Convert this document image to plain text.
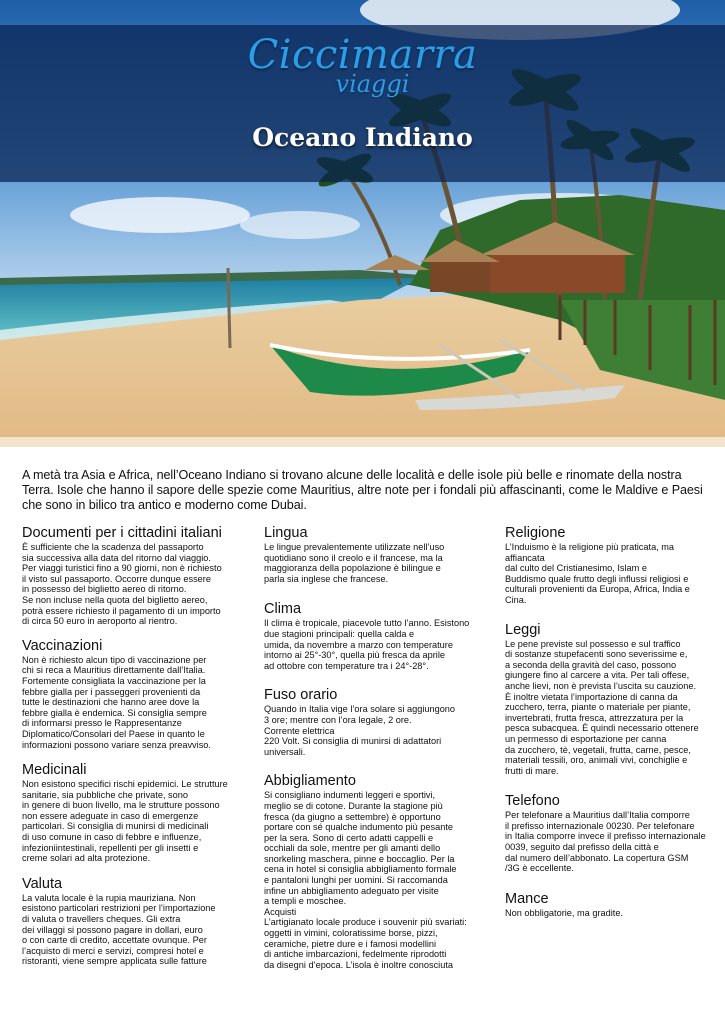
Ciccimarra
viaggi
Oceano Indiano
A metà tra Asia e Africa, nell’Oceano Indiano si trovano alcune delle località e delle isole più belle e rinomate della nostra Terra. Isole che hanno il sapore delle spezie come Mauritius, altre note per i fondali più affascinanti, come le Maldive e Paesi che sono in bilico tra antico e moderno come Dubai.
Documenti per i cittadini italiani

È sufficiente che la scadenza del passaporto
sia successiva alla data del ritorno dal viaggio.
Per viaggi turistici fino a 90 giorni, non è richiesto
il visto sul passaporto. Occorre dunque essere
in possesso del biglietto aereo di ritorno.
Se non incluse nella quota del biglietto aereo,
potrà essere richiesto il pagamento di un importo
di circa 50 euro in aeroporto al rientro.

Vaccinazioni

Non è richiesto alcun tipo di vaccinazione per
chi si reca a Mauritius direttamente dall’Italia.
Fortemente consigliata la vaccinazione per la
febbre gialla per i passeggeri provenienti da
tutte le destinazioni che hanno aree dove la
febbre gialla è endemica. Si consiglia sempre
di informarsi presso le Rappresentanze
Diplomatico/Consolari del Paese in quanto le
informazioni possono variare senza preavviso.

Medicinali

Non esistono specifici rischi epidemici. Le strutture
sanitarie, sia pubbliche che private, sono
in genere di buon livello, ma le strutture possono
non essere adeguate in caso di emergenze
particolari. Si consiglia di munirsi di medicinali
di uso comune in caso di febbre e influenze,
infezioniintestinali, repellenti per gli insetti e
creme solari ad alta protezione.

Valuta

La valuta locale è la rupia mauriziana. Non
esistono particolari restrizioni per l’importazione
di valuta o travellers cheques. Gli extra
dei villaggi si possono pagare in dollari, euro
o con carte di credito, accettate ovunque. Per
l’acquisto di merci e servizi, compresi hotel e
ristoranti, viene sempre applicata sulle fatture

Lingua

Le lingue prevalentemente utilizzate nell’uso
quotidiano sono il creolo e il francese, ma la
maggioranza della popolazione è bilingue e
parla sia inglese che francese.

Clima

Il clima è tropicale, piacevole tutto l’anno. Esistono
due stagioni principali: quella calda e
umida, da novembre a marzo con temperature
intorno ai 25°-30°, quella più fresca da aprile
ad ottobre con temperature tra i 24°-28°.

Fuso orario

Quando in Italia vige l’ora solare si aggiungono
3 ore; mentre con l’ora legale, 2 ore.
Corrente elettrica
220 Volt. Si consiglia di munirsi di adattatori
universali.

Abbigliamento

Si consigliano indumenti leggeri e sportivi,
meglio se di cotone. Durante la stagione più
fresca (da giugno a settembre) è opportuno
portare con sé qualche indumento più pesante
per la sera. Sono di certo adatti cappelli e
occhiali da sole, mentre per gli amanti dello
snorkeling maschera, pinne e boccaglio. Per la
cena in hotel si consiglia abbigliamento formale
e pantaloni lunghi per uomini. Si raccomanda
infine un abbigliamento adeguato per visite
a templi e moschee.
Acquisti
L’artigianato locale produce i souvenir più svariati:
oggetti in vimini, coloratissime borse, pizzi,
ceramiche, pietre dure e i famosi modellini
di antiche imbarcazioni, fedelmente riprodotti
da disegni d’epoca. L’isola è inoltre conosciuta

Religione

L’Induismo è la religione più praticata, ma affiancata
dal culto del Cristianesimo, Islam e
Buddismo quale frutto degli influssi religiosi e
culturali provenienti da Europa, Africa, India e
Cina.

Leggi

Le pene previste sul possesso e sul traffico
di sostanze stupefacenti sono severissime e,
a seconda della gravità del caso, possono
giungere fino al carcere a vita. Per tali offese,
anche lievi, non è prevista l’uscita su cauzione.
È inoltre vietata l’importazione di canna da
zucchero, terra, piante o materiale per piante,
invertebrati, frutta fresca, attrezzatura per la
pesca subacquea. È quindi necessario ottenere
un permesso di esportazione per canna
da zucchero, tè, vegetali, frutta, carne, pesce,
materiali tessili, oro, animali vivi, conchiglie e
frutti di mare.

Telefono

Per telefonare a Mauritius dall’Italia comporre
il prefisso internazionale 00230. Per telefonare
in Italia comporre invece il prefisso internazionale
0039, seguito dal prefisso della città e
dal numero dell’abbonato. La copertura GSM
/3G è eccellente.

Mance

Non obbligatorie, ma gradite.
